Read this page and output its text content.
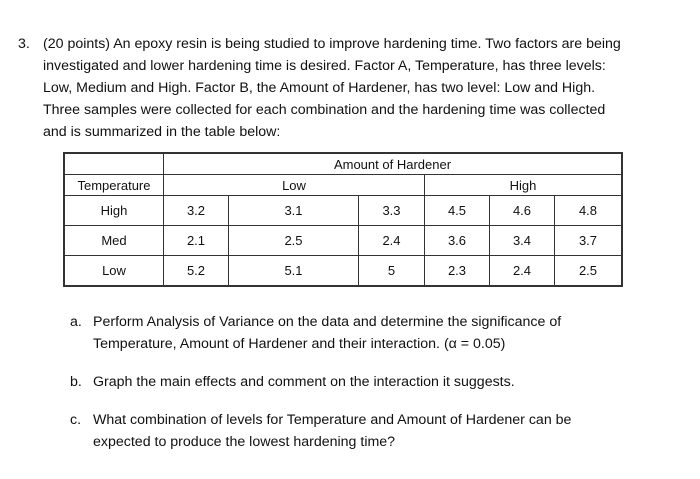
3. (20 points) An epoxy resin is being studied to improve hardening time. Two factors are being
investigated and lower hardening time is desired. Factor A, Temperature, has three levels:
Low, Medium and High. Factor B, the Amount of Hardener, has two level: Low and High.
Three samples were collected for each combination and the hardening time was collected
and is summarized in the table below:
	Amount of Hardener					
Temperature	Low			High		
High	3.2	3.1	3.3	4.5	4.6	4.8
Med	2.1	2.5	2.4	3.6	3.4	3.7
Low	5.2	5.1	5	2.3	2.4	2.5
a. Perform Analysis of Variance on the data and determine the significance of
Temperature, Amount of Hardener and their interaction. (α = 0.05)
b. Graph the main effects and comment on the interaction it suggests.
c. What combination of levels for Temperature and Amount of Hardener can be
expected to produce the lowest hardening time?
